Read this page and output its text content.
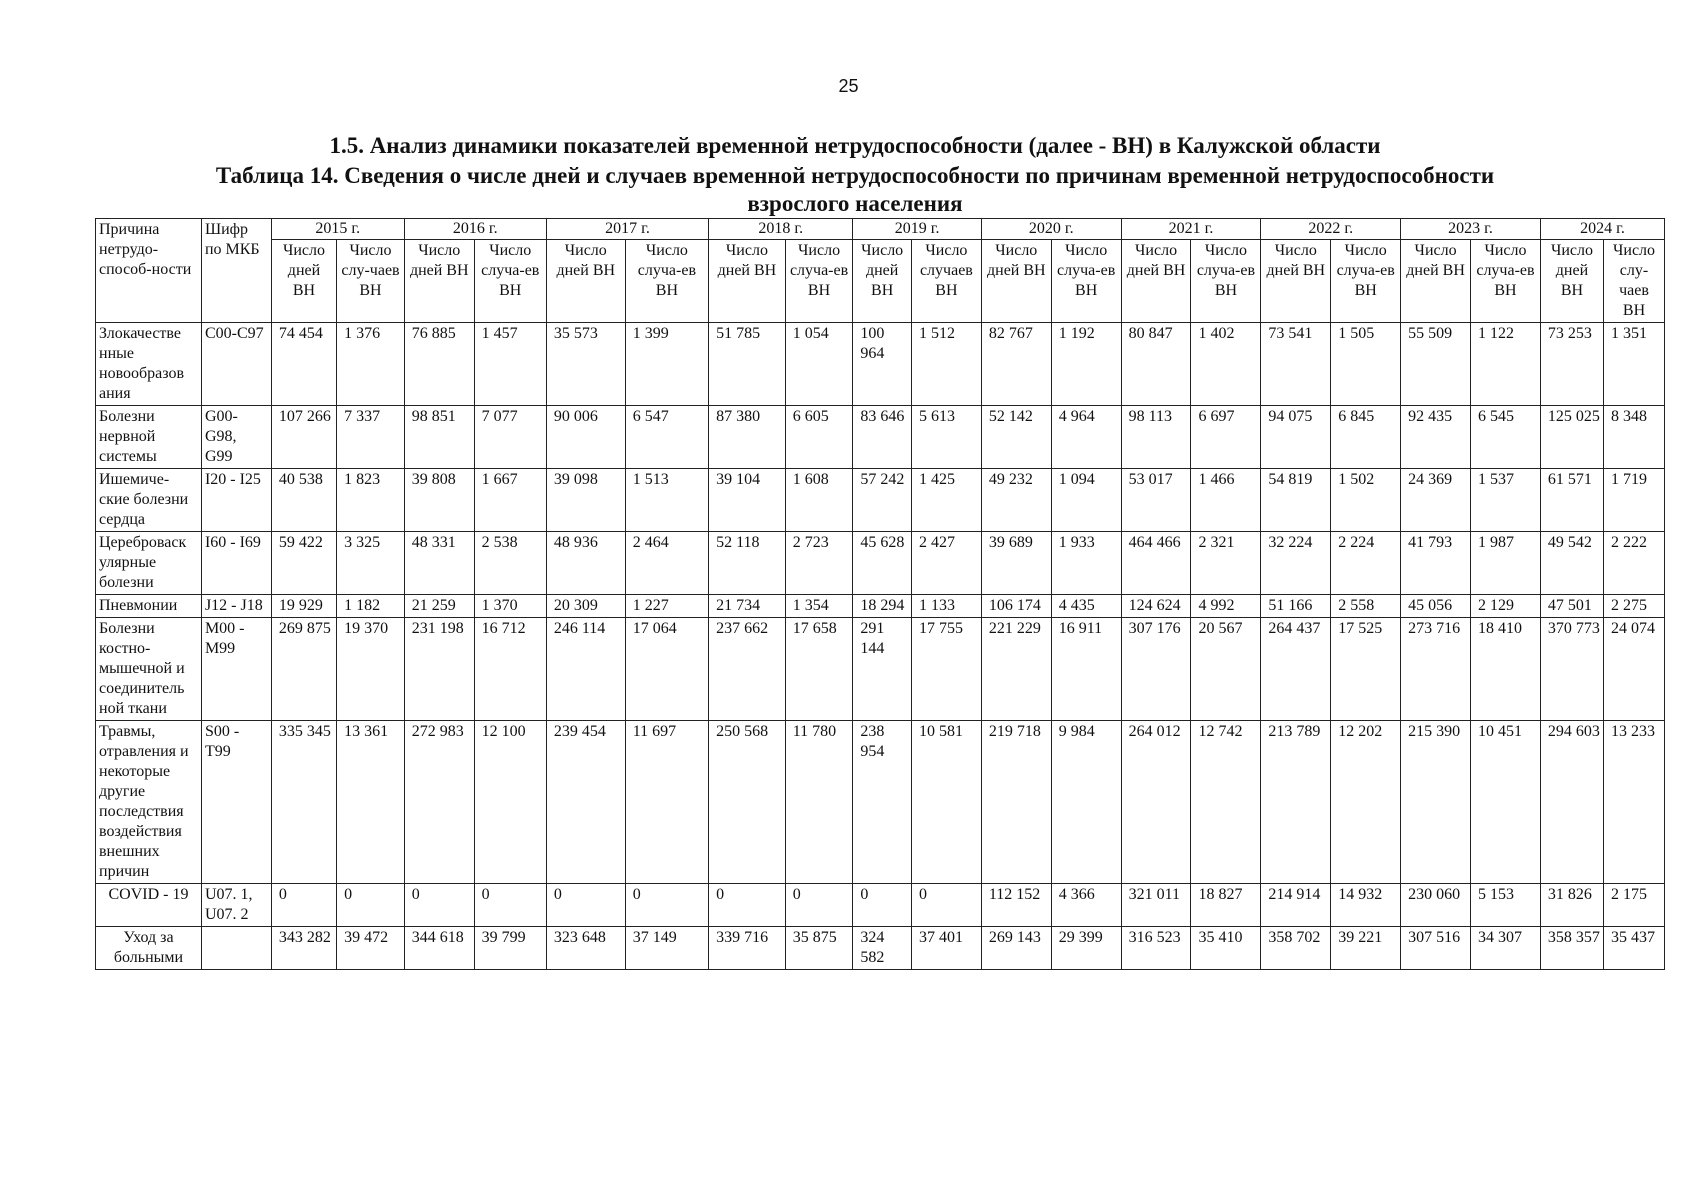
25
1.5. Анализ динамики показателей временной нетрудоспособности (далее - ВН) в Калужской области
Таблица 14. Сведения о числе дней и случаев временной нетрудоспособности по причинам временной нетрудоспособности
взрослого населения
Причина нетрудо-способ-ности	Шифр по МКБ	2015 г.		2016 г.		2017 г.		2018 г.		2019 г.		2020 г.		2021 г.		2022 г.		2023 г.		2024 г.	
		Число дней ВН	Число слу-чаев ВН	Число дней ВН	Число случа-ев ВН	Число дней ВН	Число случа-ев ВН	Число дней ВН	Число случа-ев ВН	Число дней ВН	Число случаев ВН	Число дней ВН	Число случа-ев ВН	Число дней ВН	Число случа-ев ВН	Число дней ВН	Число случа-ев ВН	Число дней ВН	Число случа-ев ВН	Число дней ВН	Число слу-чаев ВН
Злокачестве нные новообразов ания	C00-C97	74 454	1 376	76 885	1 457	35 573	1 399	51 785	1 054	100 964	1 512	82 767	1 192	80 847	1 402	73 541	1 505	55 509	1 122	73 253	1 351
Болезни нервной системы	G00-G98, G99	107 266	7 337	98 851	7 077	90 006	6 547	87 380	6 605	83 646	5 613	52 142	4 964	98 113	6 697	94 075	6 845	92 435	6 545	125 025	8 348
Ишемиче-ские болезни сердца	I20 - I25	40 538	1 823	39 808	1 667	39 098	1 513	39 104	1 608	57 242	1 425	49 232	1 094	53 017	1 466	54 819	1 502	24 369	1 537	61 571	1 719
Цереброваск улярные болезни	I60 - I69	59 422	3 325	48 331	2 538	48 936	2 464	52 118	2 723	45 628	2 427	39 689	1 933	464 466	2 321	32 224	2 224	41 793	1 987	49 542	2 222
Пневмонии	J12 - J18	19 929	1 182	21 259	1 370	20 309	1 227	21 734	1 354	18 294	1 133	106 174	4 435	124 624	4 992	51 166	2 558	45 056	2 129	47 501	2 275
Болезни костно-мышечной и соединитель ной ткани	M00 - M99	269 875	19 370	231 198	16 712	246 114	17 064	237 662	17 658	291 144	17 755	221 229	16 911	307 176	20 567	264 437	17 525	273 716	18 410	370 773	24 074
Травмы, отравления и некоторые другие последствия воздействия внешних причин	S00 - T99	335 345	13 361	272 983	12 100	239 454	11 697	250 568	11 780	238 954	10 581	219 718	9 984	264 012	12 742	213 789	12 202	215 390	10 451	294 603	13 233
COVID - 19	U07. 1, U07. 2	0	0	0	0	0	0	0	0	0	0	112 152	4 366	321 011	18 827	214 914	14 932	230 060	5 153	31 826	2 175
Уход за больными		343 282	39 472	344 618	39 799	323 648	37 149	339 716	35 875	324 582	37 401	269 143	29 399	316 523	35 410	358 702	39 221	307 516	34 307	358 357	35 437
